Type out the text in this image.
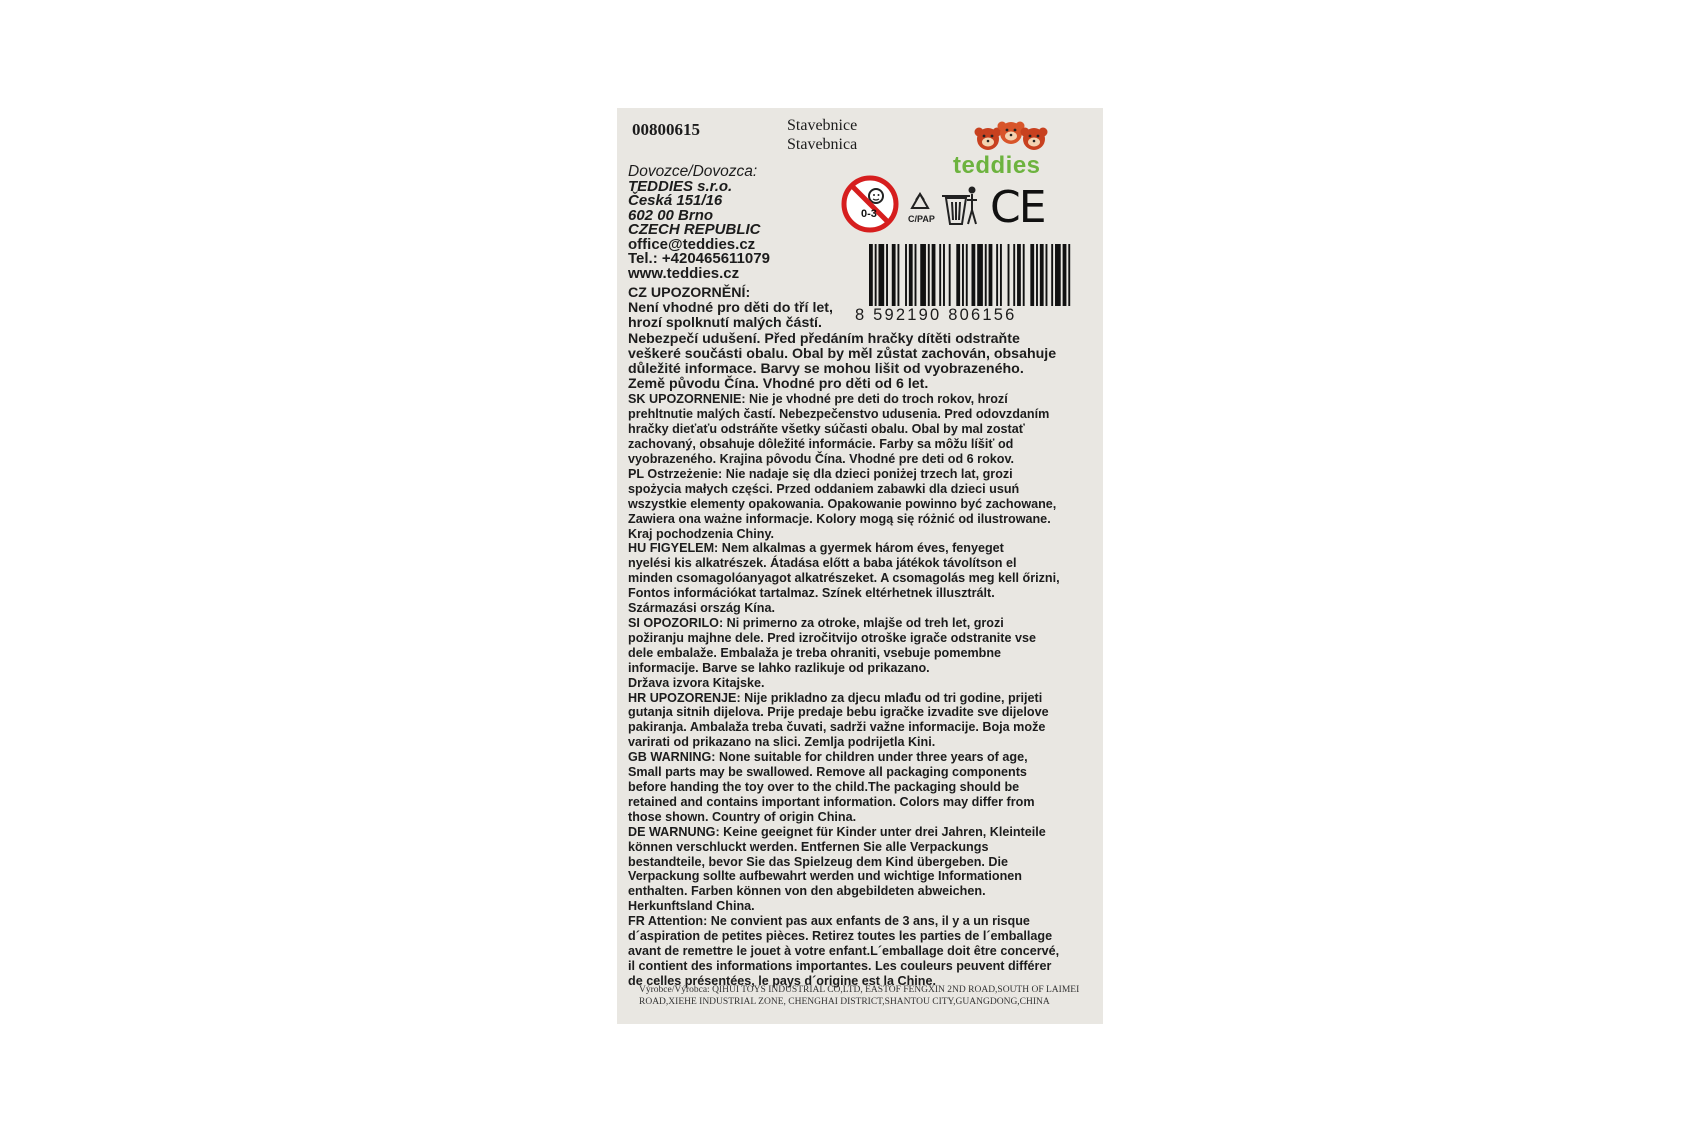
00800615	Stavebnice
Stavebnica
teddies
Dovozce/Dovozca:
TEDDIES s.r.o.
Česká 151/16
602 00 Brno
CZECH REPUBLIC
office@teddies.cz
Tel.: +420465611079
www.teddies.cz
0-3	C/PAP CE
8 592190 806156
CZ UPOZORNĚNÍ:
Není vhodné pro děti do tří let,
hrozí spolknutí malých částí.
Nebezpečí udušení. Před předáním hračky dítěti odstraňte
veškeré součásti obalu. Obal by měl zůstat zachován, obsahuje
důležité informace. Barvy se mohou lišit od vyobrazeného.
Země původu Čína. Vhodné pro děti od 6 let.
SK UPOZORNENIE: Nie je vhodné pre deti do troch rokov, hrozí
prehltnutie malých častí. Nebezpečenstvo udusenia. Pred odovzdaním
hračky dieťaťu odstráňte všetky súčasti obalu. Obal by mal zostať
zachovaný, obsahuje dôležité informácie. Farby sa môžu líšiť od
vyobrazeného. Krajina pôvodu Čína. Vhodné pre deti od 6 rokov.
PL Ostrzeżenie: Nie nadaje się dla dzieci poniżej trzech lat, grozi
spożycia małych części. Przed oddaniem zabawki dla dzieci usuń
wszystkie elementy opakowania. Opakowanie powinno być zachowane,
Zawiera ona ważne informacje. Kolory mogą się różnić od ilustrowane.
Kraj pochodzenia Chiny.
HU FIGYELEM: Nem alkalmas a gyermek három éves, fenyeget
nyelési kis alkatrészek. Átadása előtt a baba játékok távolítson el
minden csomagolóanyagot alkatrészeket. A csomagolás meg kell őrizni,
Fontos információkat tartalmaz. Színek eltérhetnek illusztrált.
Származási ország Kína.
SI OPOZORILO: Ni primerno za otroke, mlajše od treh let, grozi
požiranju majhne dele. Pred izročitvijo otroške igrače odstranite vse
dele embalaže. Embalaža je treba ohraniti, vsebuje pomembne
informacije. Barve se lahko razlikuje od prikazano.
Država izvora Kitajske.
HR UPOZORENJE: Nije prikladno za djecu mlađu od tri godine, prijeti
gutanja sitnih dijelova. Prije predaje bebu igračke izvadite sve dijelove
pakiranja. Ambalaža treba čuvati, sadrži važne informacije. Boja može
varirati od prikazano na slici. Zemlja podrijetla Kini.
GB WARNING: None suitable for children under three years of age,
Small parts may be swallowed. Remove all packaging components
before handing the toy over to the child.The packaging should be
retained and contains important information. Colors may differ from
those shown. Country of origin China.
DE WARNUNG: Keine geeignet für Kinder unter drei Jahren, Kleinteile
können verschluckt werden. Entfernen Sie alle Verpackungs
bestandteile, bevor Sie das Spielzeug dem Kind übergeben. Die
Verpackung sollte aufbewahrt werden und wichtige Informationen
enthalten. Farben können von den abgebildeten abweichen.
Herkunftsland China.
FR Attention: Ne convient pas aux enfants de 3 ans, il y a un risque
d´aspiration de petites pièces. Retirez toutes les parties de l´emballage
avant de remettre le jouet à votre enfant.L´emballage doit être concervé,
il contient des informations importantes. Les couleurs peuvent différer
de celles présentées, le pays d´origine est la Chine.
Výrobce/Výrobca: QIHUI TOYS INDUSTRIAL CO,LTD, EASTOF FENGXIN 2ND ROAD,SOUTH OF LAIMEI
ROAD,XIEHE INDUSTRIAL ZONE, CHENGHAI DISTRICT,SHANTOU CITY,GUANGDONG,CHINA
